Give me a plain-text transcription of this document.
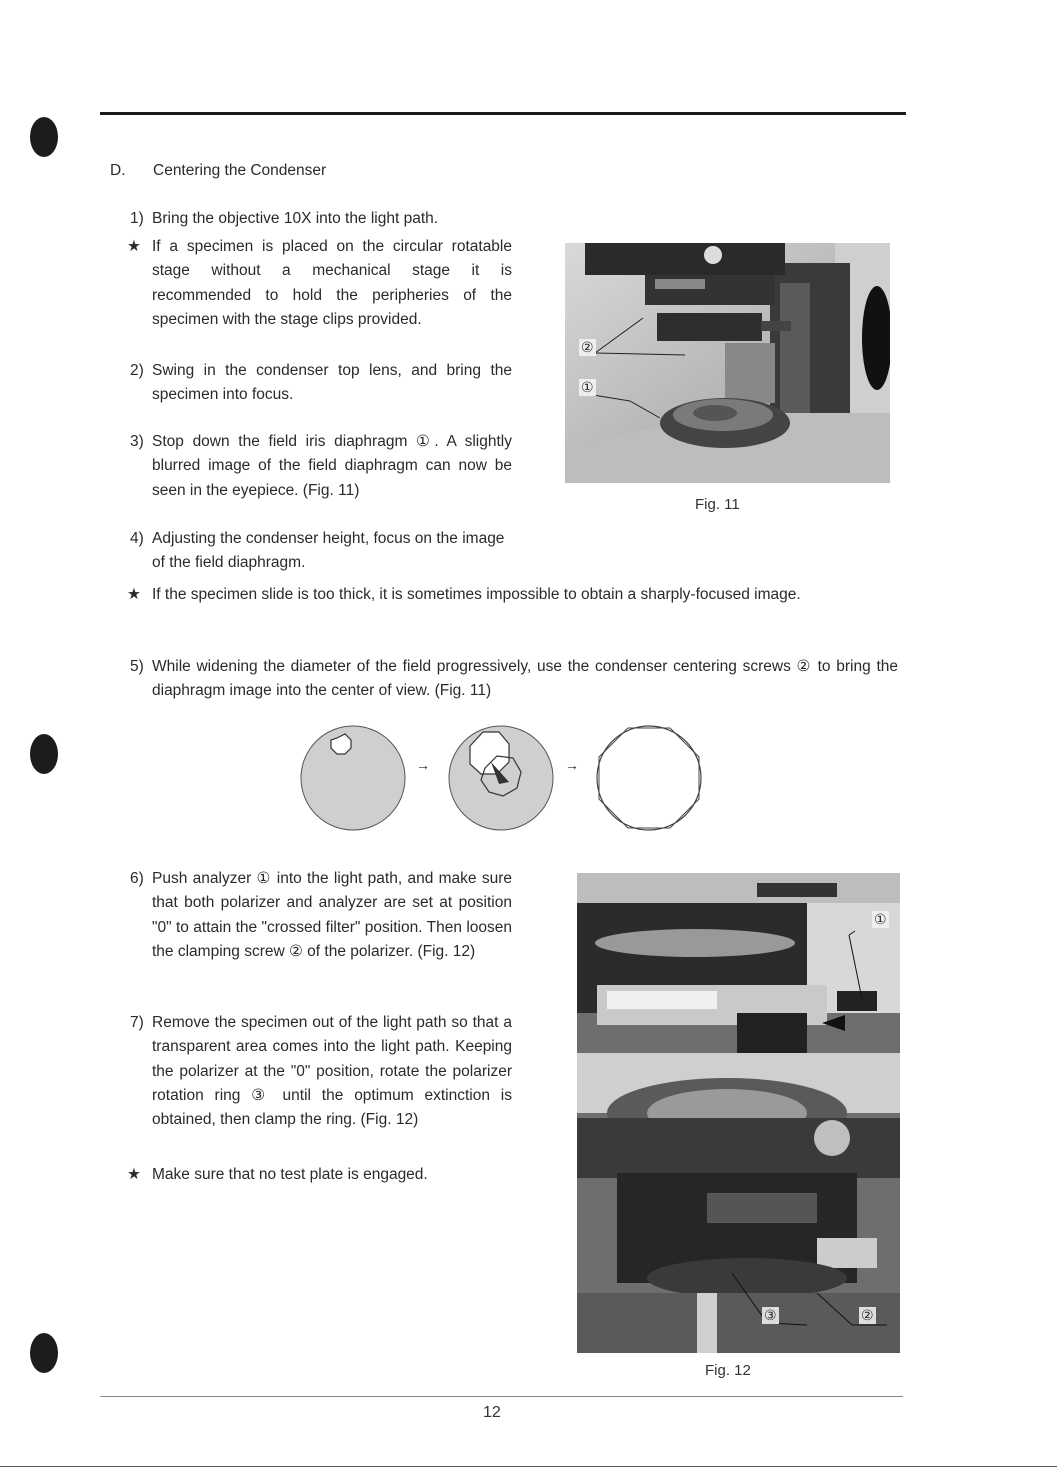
D. Centering the Condenser
1) Bring the objective 10X into the light path.
★ If a specimen is placed on the circular rotatable stage without a mechanical stage it is recommended to hold the peripheries of the specimen with the stage clips provided.
2) Swing in the condenser top lens, and bring the specimen into focus.
3) Stop down the field iris diaphragm ①. A slightly blurred image of the field diaphragm can now be seen in the eyepiece. (Fig. 11)
4) Adjusting the condenser height, focus on the image of the field diaphragm.
★ If the specimen slide is too thick, it is sometimes impossible to obtain a sharply-focused image.
5) While widening the diameter of the field progressively, use the condenser centering screws ② to bring the diaphragm image into the center of view. (Fig. 11)
6) Push analyzer ① into the light path, and make sure that both polarizer and analyzer are set at position "0" to attain the "crossed filter" position. Then loosen the clamping screw ② of the polarizer. (Fig. 12)
7) Remove the specimen out of the light path so that a transparent area comes into the light path. Keeping the polarizer at the "0" position, rotate the polarizer rotation ring ③ until the optimum extinction is obtained, then clamp the ring. (Fig. 12)
★ Make sure that no test plate is engaged.
②
①
Fig. 11
→	→
①
③	②
Fig. 12
12
